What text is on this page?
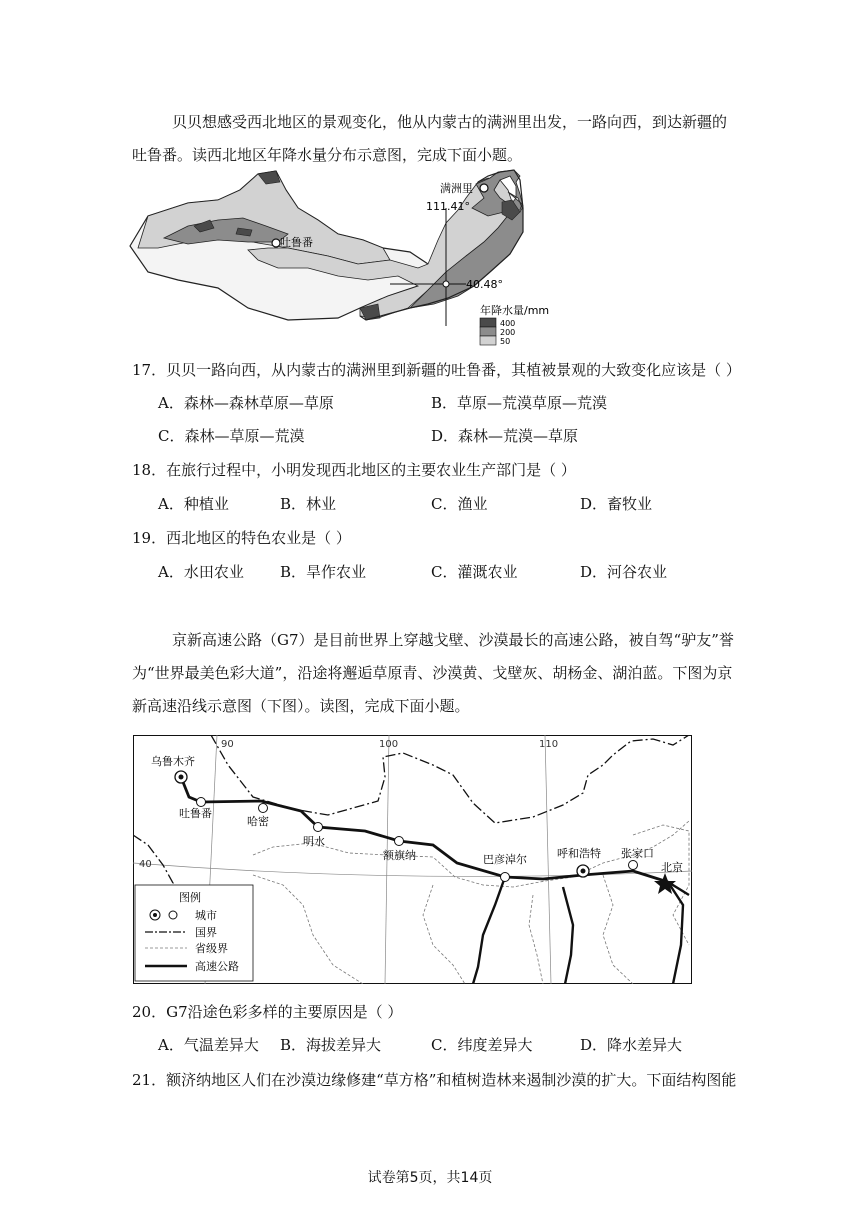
贝贝想感受西北地区的景观变化，他从内蒙古的满洲里出发，一路向西，到达新疆的
吐鲁番。读西北地区年降水量分布示意图，完成下面小题。
满洲里
吐鲁番
111.41°
40.48°
年降水量/mm
400
200
50
17．贝贝一路向西，从内蒙古的满洲里到新疆的吐鲁番，其植被景观的大致变化应该是（ ）
A．森林—森林草原—草原	B．草原—荒漠草原—荒漠
C．森林—草原—荒漠	D．森林—荒漠—草原
18．在旅行过程中，小明发现西北地区的主要农业生产部门是（ ）
A．种植业	B．林业	C．渔业	D．畜牧业
19．西北地区的特色农业是（ ）
A．水田农业 B．旱作农业	C．灌溉农业	D．河谷农业
京新高速公路（G7）是目前世界上穿越戈壁、沙漠最长的高速公路，被自驾“驴友”誉
为“世界最美色彩大道”，沿途将邂逅草原青、沙漠黄、戈壁灰、胡杨金、湖泊蓝。下图为京
新高速沿线示意图（下图）。读图，完成下面小题。
90	100	110
40
乌鲁木齐
吐鲁番
哈密
明水
额旗纳	巴彦淖尔	呼和浩特 张家口
北京
图例
城市
国界
省级界
高速公路
20．G7沿途色彩多样的主要原因是（ ）
A．气温差异大 B．海拔差异大	C．纬度差异大	D．降水差异大
21．额济纳地区人们在沙漠边缘修建“草方格”和植树造林来遏制沙漠的扩大。下面结构图能
试卷第5页，共14页
